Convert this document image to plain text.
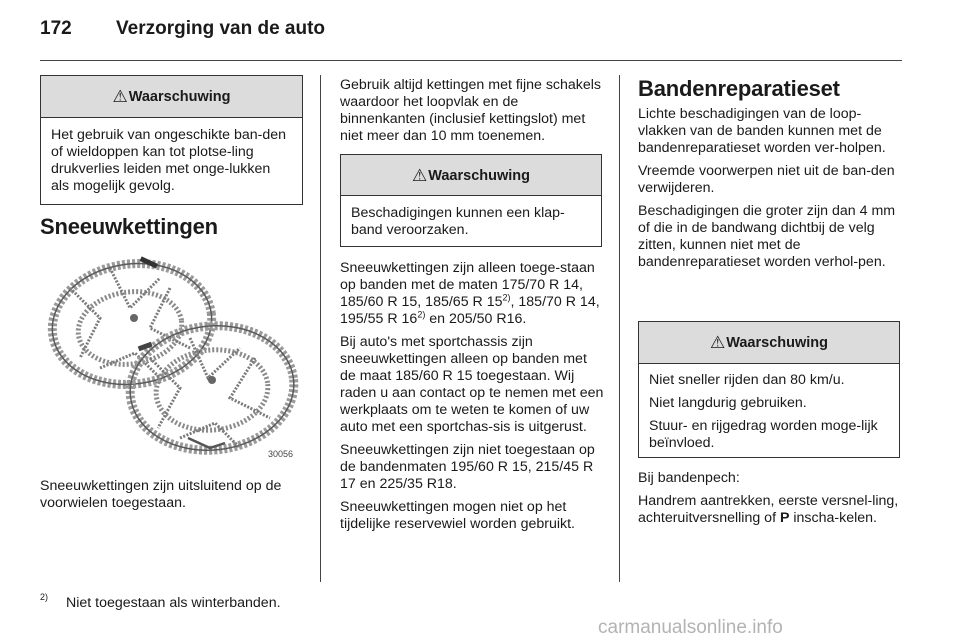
172 Verzorging van de auto
⚠Waarschuwing

Het gebruik van ongeschikte ban-den of wieldoppen kan tot plotse-ling drukverlies leiden met onge-lukken als mogelijk gevolg.

Sneeuwkettingen
30056

Sneeuwkettingen zijn uitsluitend op de voorwielen toegestaan.

Gebruik altijd kettingen met fijne schakels waardoor het loopvlak en de binnenkanten (inclusief kettingslot) met niet meer dan 10 mm toenemen.

⚠Waarschuwing

Beschadigingen kunnen een klap-band veroorzaken.

Sneeuwkettingen zijn alleen toege-staan op banden met de maten 175/70 R 14, 185/60 R 15, 185/65 R 15$^{2)}$, 185/70 R 14, 195/55 R 16$^{2)}$ en 205/50 R16.

Bij auto's met sportchassis zijn sneeuwkettingen alleen op banden met de maat 185/60 R 15 toegestaan. Wij raden u aan contact op te nemen met een werkplaats om te weten te komen of uw auto met een sportchas-sis is uitgerust.

Sneeuwkettingen zijn niet toegestaan op de bandenmaten 195/60 R 15, 215/45 R 17 en 225/35 R18.

Sneeuwkettingen mogen niet op het tijdelijke reservewiel worden gebruikt.

Bandenreparatieset

Lichte beschadigingen van de loop-vlakken van de banden kunnen met de bandenreparatieset worden ver-holpen.

Vreemde voorwerpen niet uit de ban-den verwijderen.

Beschadigingen die groter zijn dan 4 mm of die in de bandwang dichtbij de velg zitten, kunnen niet met de bandenreparatieset worden verhol-pen.

⚠Waarschuwing

Niet sneller rijden dan 80 km/u.

Niet langdurig gebruiken.

Stuur- en rijgedrag worden moge-lijk beïnvloed.

Bij bandenpech:

Handrem aantrekken, eerste versnel-ling, achteruitversnelling of P inscha-kelen.

2) Niet toegestaan als winterbanden.
carmanualsonline.info
